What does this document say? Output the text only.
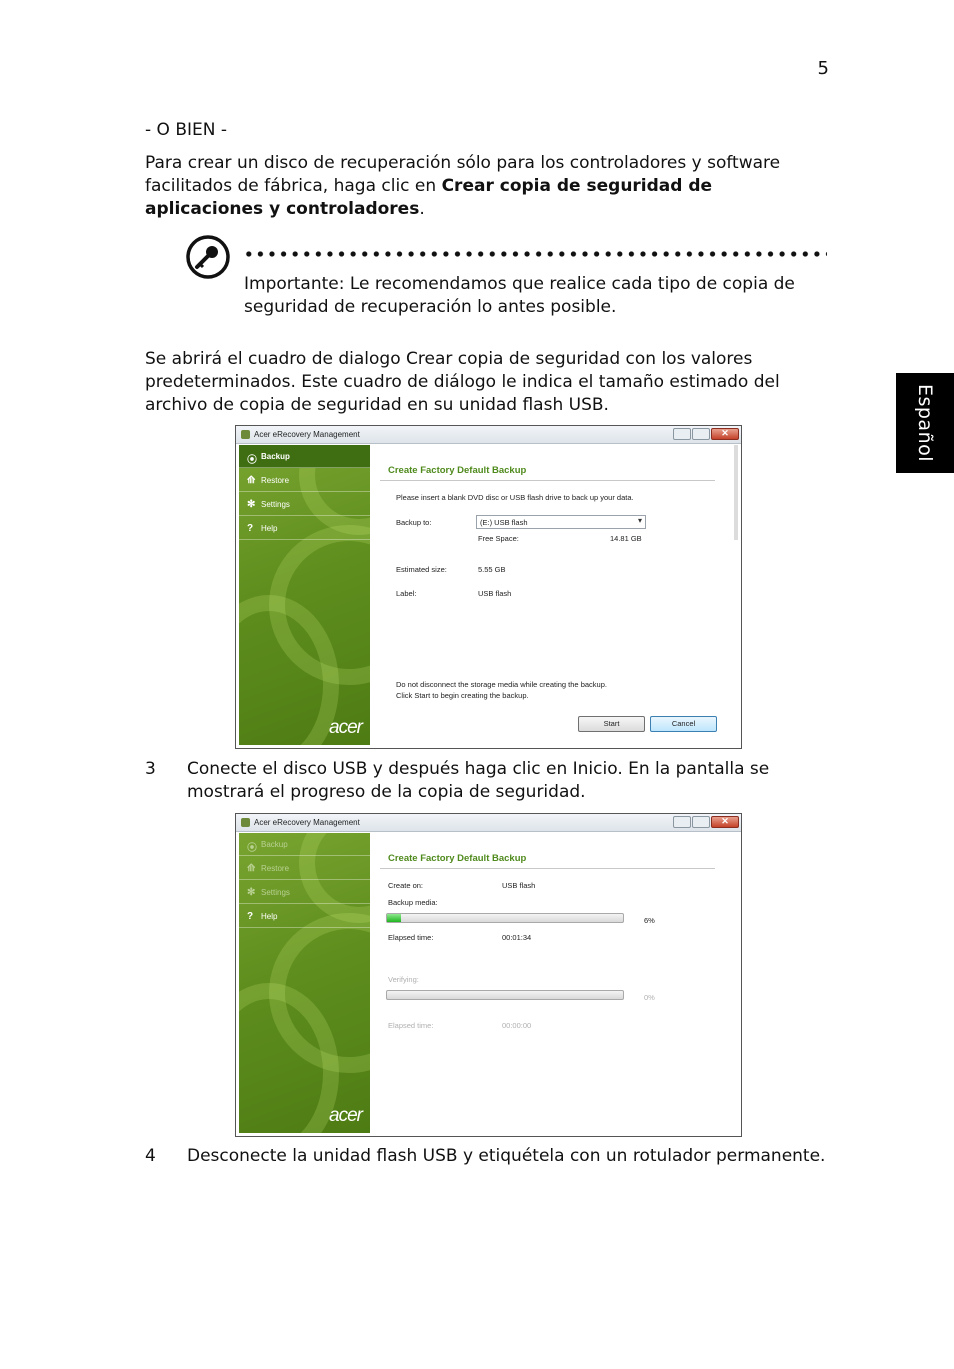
5
Español
- O BIEN -
Para crear un disco de recuperación sólo para los controladores y software facilitados de fábrica, haga clic en Crear copia de seguridad de aplicaciones y controladores.
Importante: Le recomendamos que realice cada tipo de copia de seguridad de recuperación lo antes posible.
Se abrirá el cuadro de dialogo Crear copia de seguridad con los valores predeterminados. Este cuadro de diálogo le indica el tamaño estimado del archivo de copia de seguridad en su unidad flash USB.
Acer eRecovery Management	✕
⦿ Backup
⟰ Restore
✻ Settings
? Help
acer
Create Factory Default Backup
Please insert a blank DVD disc or USB flash drive to back up your data.
Backup to:	(E:) USB flash	▾
Free Space:	14.81 GB
Estimated size:	5.55 GB
Label:	USB flash
Do not disconnect the storage media while creating the backup.
Click Start to begin creating the backup.
Start	Cancel
3 Conecte el disco USB y después haga clic en Inicio. En la pantalla se mostrará el progreso de la copia de seguridad.
Acer eRecovery Management	✕
⦿ Backup
⟰ Restore
✻ Settings
? Help
acer
Create Factory Default Backup
Create on:	USB flash
Backup media:
6%
Elapsed time:	00:01:34
Verifying:
0%
Elapsed time:	00:00:00
4 Desconecte la unidad flash USB y etiquétela con un rotulador permanente.
